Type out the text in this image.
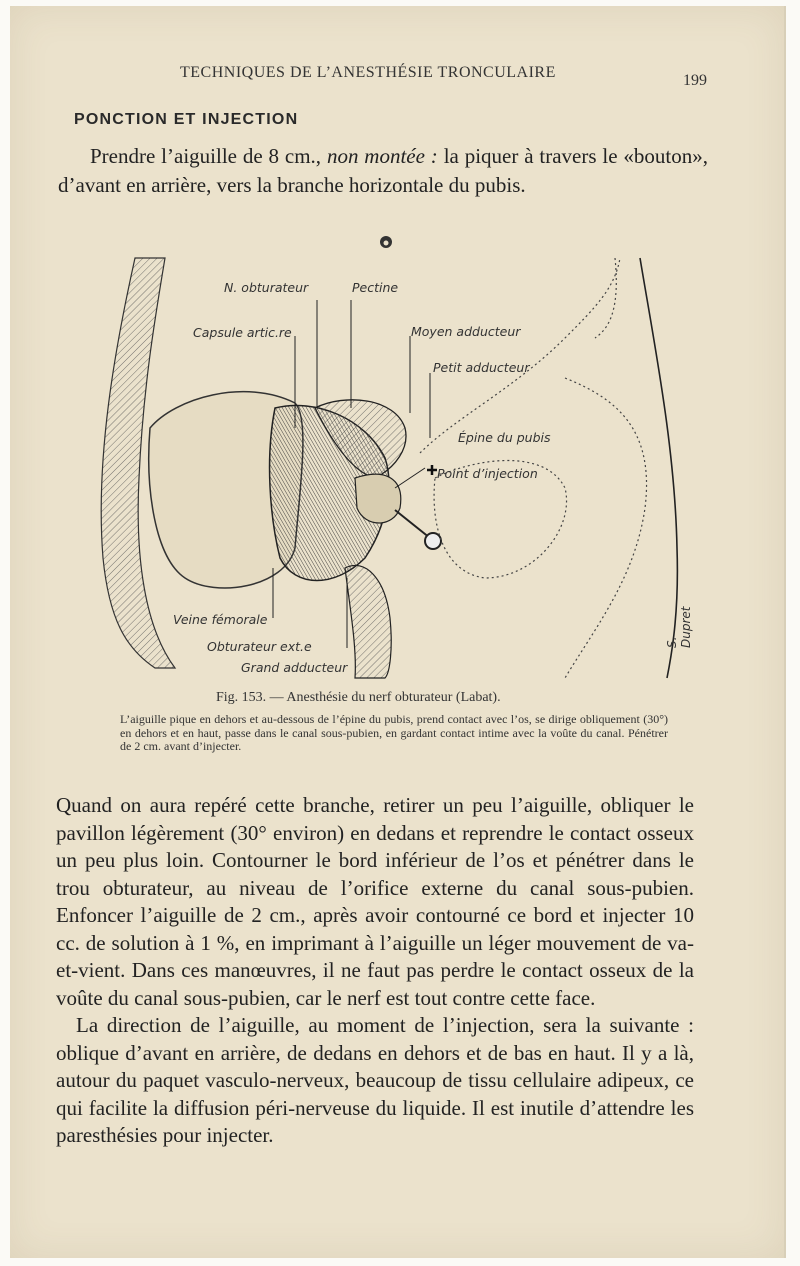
TECHNIQUES DE L’ANESTHÉSIE TRONCULAIRE	199
PONCTION ET INJECTION

Prendre l’aiguille de 8 cm., non montée : la piquer à travers le «bouton», d’avant en arrière, vers la branche horizontale du pubis.

N. obturateur	Pectine
Capsule artic.re	Moyen adducteur
Petit adducteur
Épine du pubis
Point d’injection
Veine fémorale
Obturateur ext.e
Grand adducteur
S. Dupret
Fig. 153. — Anesthésie du nerf obturateur (Labat).

L’aiguille pique en dehors et au-dessous de l’épine du pubis, prend contact avec l’os, se dirige obliquement (30°) en dehors et en haut, passe dans le canal sous-pubien, en gardant contact intime avec la voûte du canal. Pénétrer de 2 cm. avant d’injecter.

Quand on aura repéré cette branche, retirer un peu l’aiguille, obliquer le pavillon légèrement (30° environ) en dedans et reprendre le contact osseux un peu plus loin. Contourner le bord inférieur de l’os et pénétrer dans le trou obturateur, au niveau de l’orifice externe du canal sous-pubien. Enfoncer l’aiguille de 2 cm., après avoir contourné ce bord et injecter 10 cc. de solution à 1 %, en imprimant à l’aiguille un léger mouvement de va-et-vient. Dans ces manœuvres, il ne faut pas perdre le contact osseux de la voûte du canal sous-pubien, car le nerf est tout contre cette face.

La direction de l’aiguille, au moment de l’injection, sera la suivante : oblique d’avant en arrière, de dedans en dehors et de bas en haut. Il y a là, autour du paquet vasculo-nerveux, beaucoup de tissu cellulaire adipeux, ce qui facilite la diffusion péri-nerveuse du liquide. Il est inutile d’attendre les paresthésies pour injecter.
